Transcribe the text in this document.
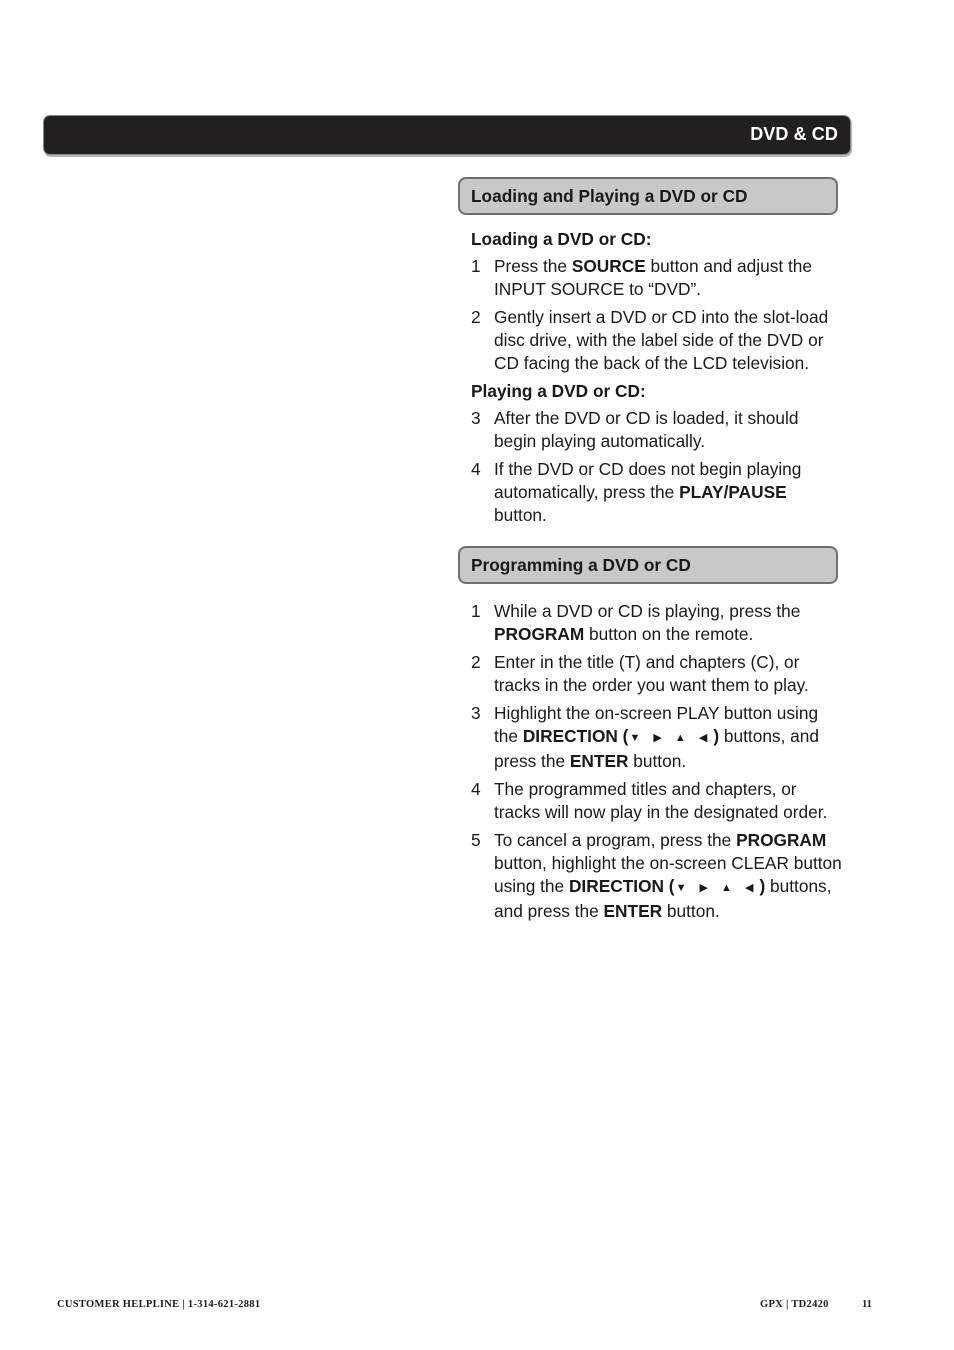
DVD & CD
Loading and Playing a DVD or CD
Loading a DVD or CD:
1 Press the SOURCE button and adjust the INPUT SOURCE to “DVD”.
2 Gently insert a DVD or CD into the slot-load disc drive, with the label side of the DVD or CD facing the back of the LCD television.
Playing a DVD or CD:
3 After the DVD or CD is loaded, it should begin playing automatically.
4 If the DVD or CD does not begin playing automatically, press the PLAY/PAUSE button.
Programming a DVD or CD
1 While a DVD or CD is playing, press the PROGRAM button on the remote.
2 Enter in the title (T) and chapters (C), or tracks in the order you want them to play.
3 Highlight the on-screen PLAY button using the DIRECTION (▼ ▶ ▲ ◀) buttons, and press the ENTER button.
4 The programmed titles and chapters, or tracks will now play in the designated order.
5 To cancel a program, press the PROGRAM button, highlight the on-screen CLEAR button using the DIRECTION (▼ ▶ ▲ ◀) buttons, and press the ENTER button.
CUSTOMER HELPLINE | 1-314-621-2881	GPX | TD2420	11
